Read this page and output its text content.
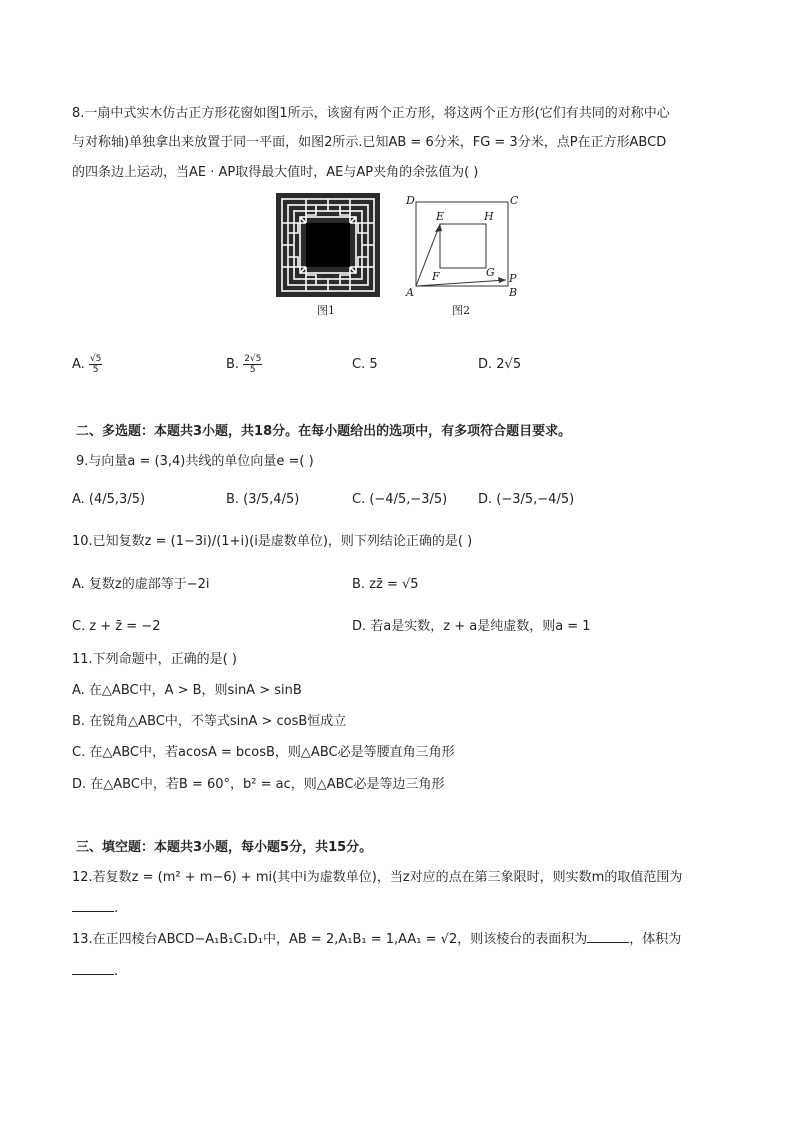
8.一扇中式实木仿古正方形花窗如图1所示，该窗有两个正方形，将这两个正方形(它们有共同的对称中心
与对称轴)单独拿出来放置于同一平面，如图2所示.已知AB = 6分米，FG = 3分米，点P在正方形ABCD
的四条边上运动，当AE · AP取得最大值时，AE与AP夹角的余弦值为( )
图1
D	C
E	H
F	G P
A	B
图2
A. $\frac{√5}{5}$	B. $\frac{2√5}{5}$	C. 5	D. 2√5
二、多选题：本题共3小题，共18分。在每小题给出的选项中，有多项符合题目要求。
9.与向量a = (3,4)共线的单位向量e =( )
A. (4/5,3/5)	B. (3/5,4/5)	C. (−4/5,−3/5) D. (−3/5,−4/5)
10.已知复数z = (1−3i)/(1+i)(i是虚数单位)，则下列结论正确的是( )
A. 复数z的虚部等于−2i	B. zz̄ = √5
C. z + z̄ = −2	D. 若a是实数，z + a是纯虚数，则a = 1
11.下列命题中，正确的是( )
A. 在△ABC中，A > B，则sinA > sinB
B. 在锐角△ABC中，不等式sinA > cosB恒成立
C. 在△ABC中，若acosA = bcosB，则△ABC必是等腰直角三角形
D. 在△ABC中，若B = 60°，b² = ac，则△ABC必是等边三角形
三、填空题：本题共3小题，每小题5分，共15分。
12.若复数z = (m² + m−6) + mi(其中i为虚数单位)，当z对应的点在第三象限时，则实数m的取值范围为
.
13.在正四棱台ABCD−A₁B₁C₁D₁中，AB = 2,A₁B₁ = 1,AA₁ = √2，则该棱台的表面积为	，体积为
.
